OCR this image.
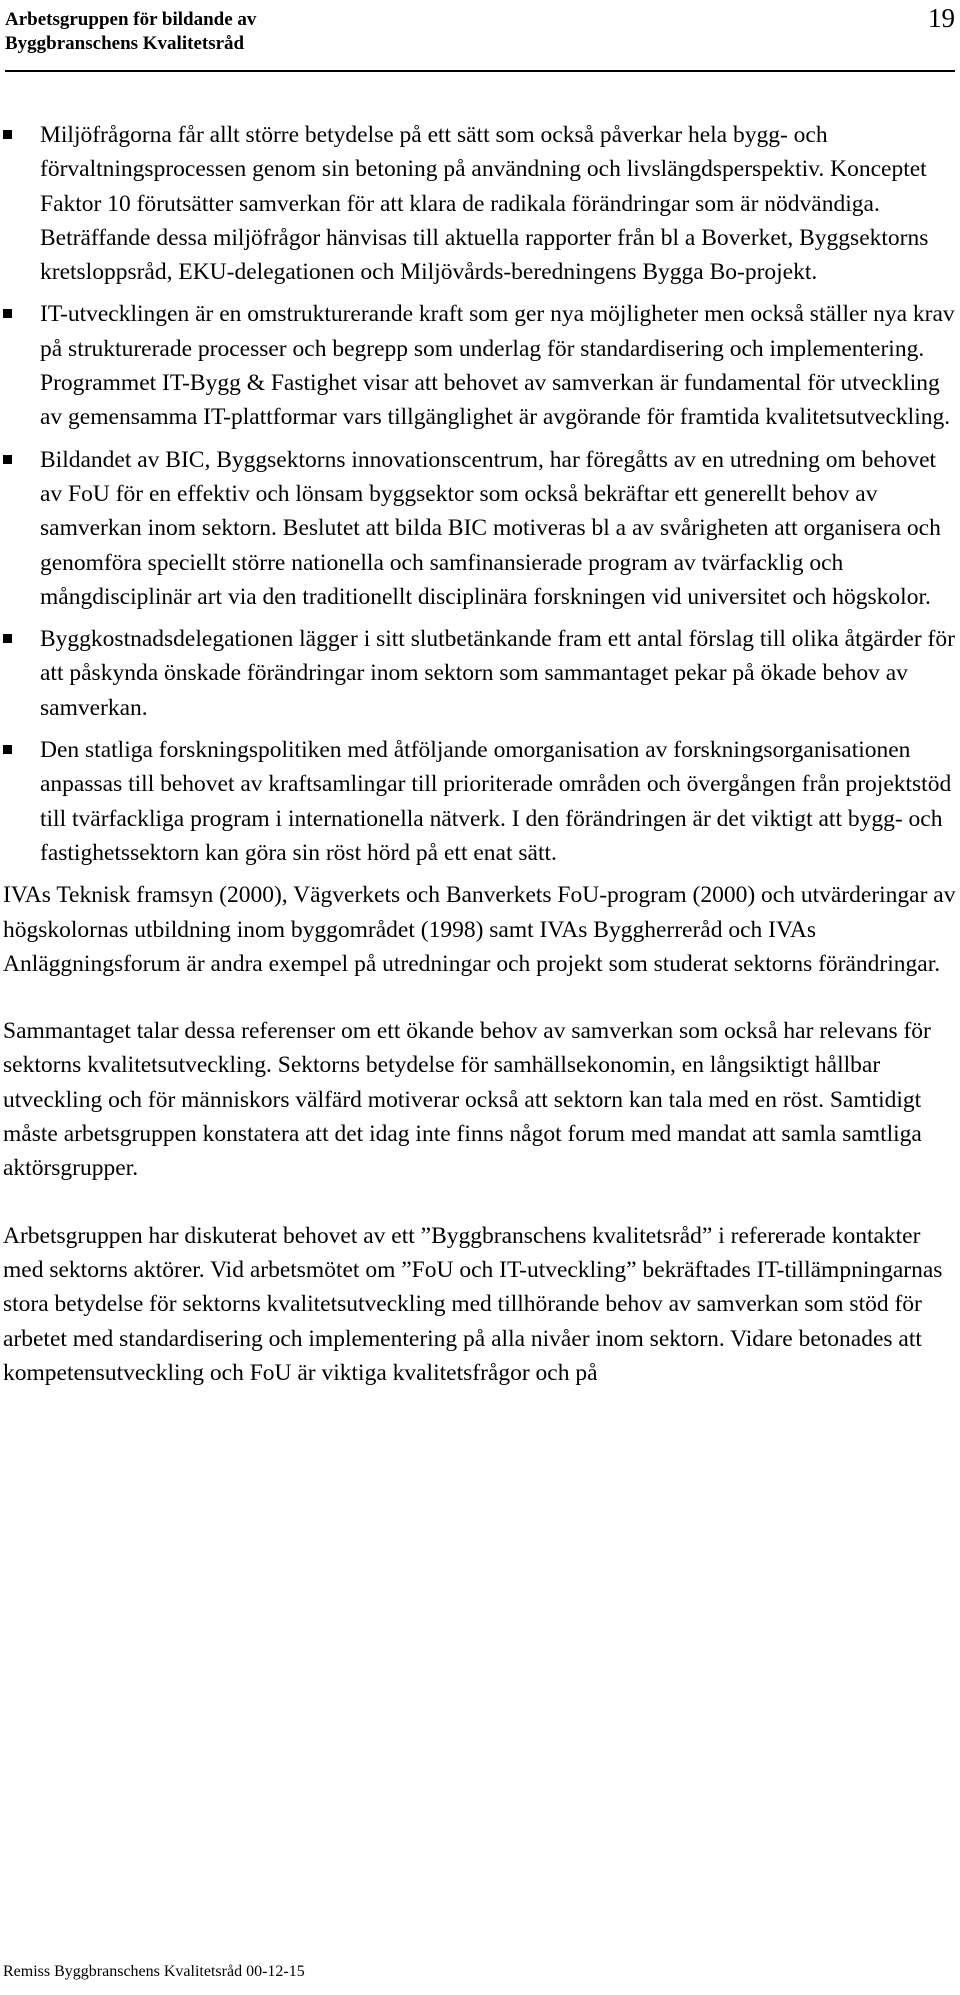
Arbetsgruppen för bildande av
Byggbranschens Kvalitetsråd
19
Miljöfrågorna får allt större betydelse på ett sätt som också påverkar hela bygg- och förvaltningsprocessen genom sin betoning på användning och livslängdsperspektiv. Konceptet Faktor 10 förutsätter samverkan för att klara de radikala förändringar som är nödvändiga. Beträffande dessa miljöfrågor hänvisas till aktuella rapporter från bl a Boverket, Byggsektorns kretsloppsråd, EKU-delegationen och Miljövårds-beredningens Bygga Bo-projekt.
IT-utvecklingen är en omstrukturerande kraft som ger nya möjligheter men också ställer nya krav på strukturerade processer och begrepp som underlag för standardisering och implementering. Programmet IT-Bygg & Fastighet visar att behovet av samverkan är fundamental för utveckling av gemensamma IT-plattformar vars tillgänglighet är avgörande för framtida kvalitetsutveckling.
Bildandet av BIC, Byggsektorns innovationscentrum, har föregåtts av en utredning om behovet av FoU för en effektiv och lönsam byggsektor som också bekräftar ett generellt behov av samverkan inom sektorn. Beslutet att bilda BIC motiveras bl a av svårigheten att organisera och genomföra speciellt större nationella och samfinansierade program av tvärfacklig och mångdisciplinär art via den traditionellt disciplinära forskningen vid universitet och högskolor.
Byggkostnadsdelegationen lägger i sitt slutbetänkande fram ett antal förslag till olika åtgärder för att påskynda önskade förändringar inom sektorn som sammantaget pekar på ökade behov av samverkan.
Den statliga forskningspolitiken med åtföljande omorganisation av forskningsorganisationen anpassas till behovet av kraftsamlingar till prioriterade områden och övergången från projektstöd till tvärfackliga program i internationella nätverk. I den förändringen är det viktigt att bygg- och fastighetssektorn kan göra sin röst hörd på ett enat sätt.

IVAs Teknisk framsyn (2000), Vägverkets och Banverkets FoU-program (2000) och utvärderingar av högskolornas utbildning inom byggområdet (1998) samt IVAs Byggherreråd och IVAs Anläggningsforum är andra exempel på utredningar och projekt som studerat sektorns förändringar.

Sammantaget talar dessa referenser om ett ökande behov av samverkan som också har relevans för sektorns kvalitetsutveckling. Sektorns betydelse för samhällsekonomin, en långsiktigt hållbar utveckling och för människors välfärd motiverar också att sektorn kan tala med en röst. Samtidigt måste arbetsgruppen konstatera att det idag inte finns något forum med mandat att samla samtliga aktörsgrupper.

Arbetsgruppen har diskuterat behovet av ett ”Byggbranschens kvalitetsråd” i refererade kontakter med sektorns aktörer. Vid arbetsmötet om ”FoU och IT-utveckling” bekräftades IT-tillämpningarnas stora betydelse för sektorns kvalitetsutveckling med tillhörande behov av samverkan som stöd för arbetet med standardisering och implementering på alla nivåer inom sektorn. Vidare betonades att kompetensutveckling och FoU är viktiga kvalitetsfrågor och på

Remiss Byggbranschens Kvalitetsråd 00-12-15
